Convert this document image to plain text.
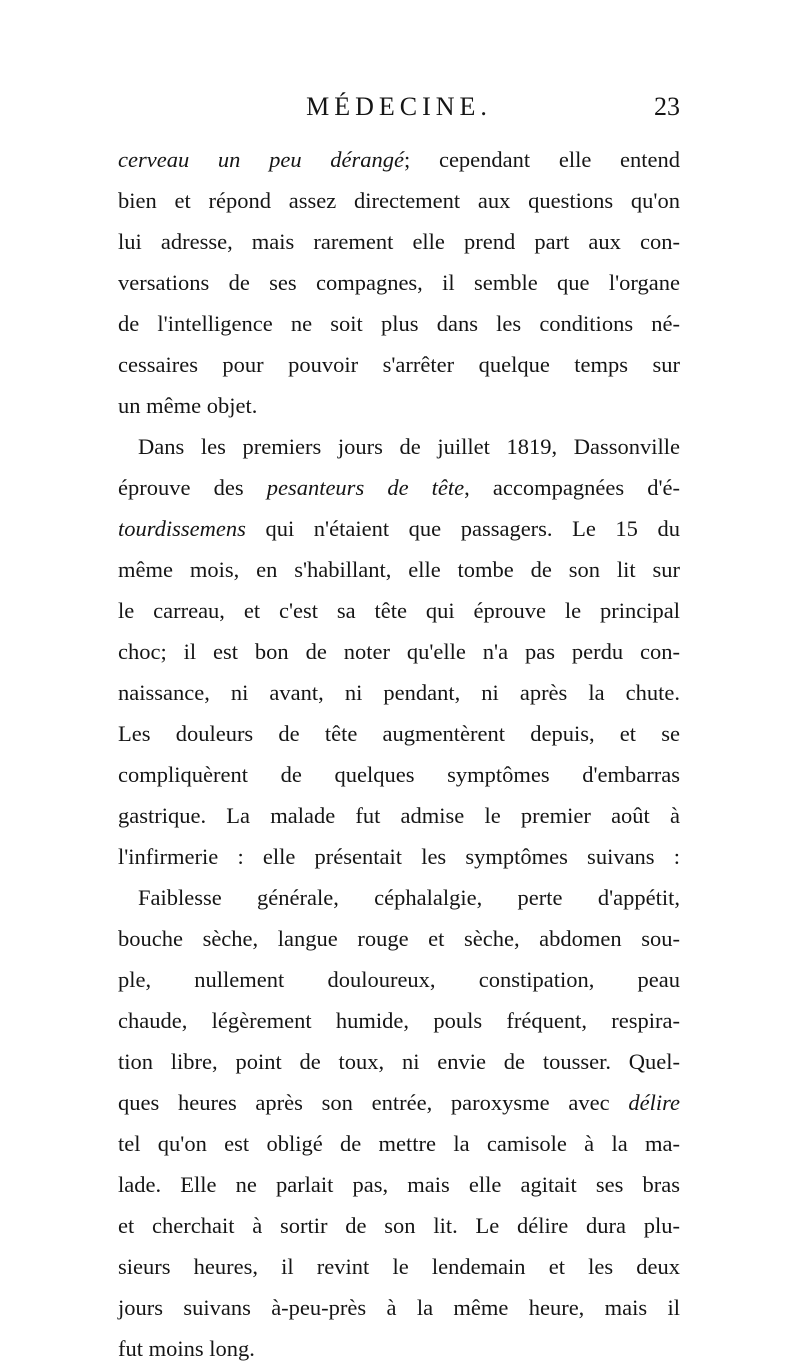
MÉDECINE.	23
cerveau un peu dérangé; cependant elle entend
bien et répond assez directement aux questions qu'on
lui adresse, mais rarement elle prend part aux con-
versations de ses compagnes, il semble que l'organe
de l'intelligence ne soit plus dans les conditions né-
cessaires pour pouvoir s'arrêter quelque temps sur
un même objet.
Dans les premiers jours de juillet 1819, Dassonville
éprouve des pesanteurs de tête, accompagnées d'é-
tourdissemens qui n'étaient que passagers. Le 15 du
même mois, en s'habillant, elle tombe de son lit sur
le carreau, et c'est sa tête qui éprouve le principal
choc; il est bon de noter qu'elle n'a pas perdu con-
naissance, ni avant, ni pendant, ni après la chute.
Les douleurs de tête augmentèrent depuis, et se
compliquèrent de quelques symptômes d'embarras
gastrique. La malade fut admise le premier août à
l'infirmerie : elle présentait les symptômes suivans :
Faiblesse générale, céphalalgie, perte d'appétit,
bouche sèche, langue rouge et sèche, abdomen sou-
ple, nullement douloureux, constipation, peau
chaude, légèrement humide, pouls fréquent, respira-
tion libre, point de toux, ni envie de tousser. Quel-
ques heures après son entrée, paroxysme avec délire
tel qu'on est obligé de mettre la camisole à la ma-
lade. Elle ne parlait pas, mais elle agitait ses bras
et cherchait à sortir de son lit. Le délire dura plu-
sieurs heures, il revint le lendemain et les deux
jours suivans à-peu-près à la même heure, mais il
fut moins long.
